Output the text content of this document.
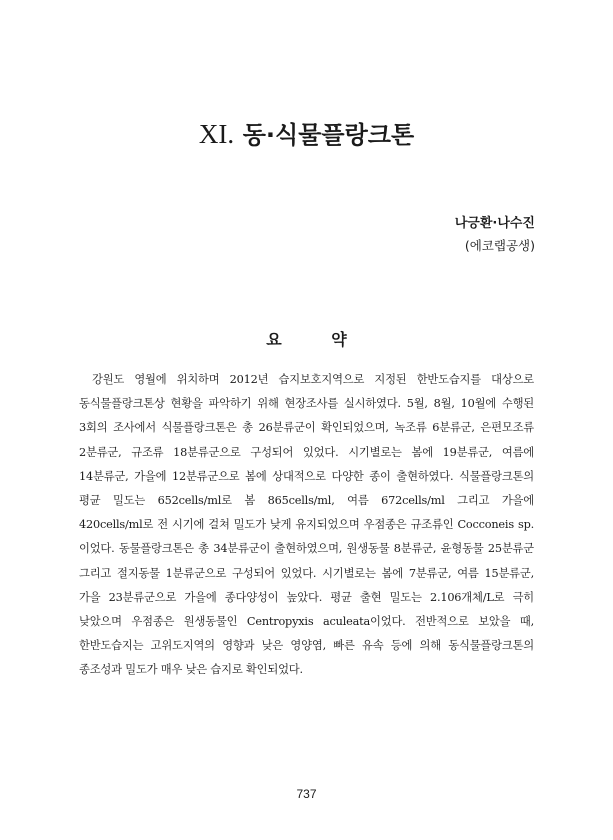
XI. 동·식물플랑크톤
나긍환·나수진
(에코랩공생)
요 약

강원도 영월에 위치하며 2012년 습지보호지역으로 지정된 한반도습지를 대상으로 동식물플랑크톤상 현황을 파악하기 위해 현장조사를 실시하였다. 5월, 8월, 10월에 수행된 3회의 조사에서 식물플랑크톤은 총 26분류군이 확인되었으며, 녹조류 6분류군, 은편모조류 2분류군, 규조류 18분류군으로 구성되어 있었다. 시기별로는 봄에 19분류군, 여름에 14분류군, 가을에 12분류군으로 봄에 상대적으로 다양한 종이 출현하였다. 식물플랑크톤의 평균 밀도는 652cells/ml로 봄 865cells/ml, 여름 672cells/ml 그리고 가을에 420cells/ml로 전 시기에 걸쳐 밀도가 낮게 유지되었으며 우점종은 규조류인 Cocconeis sp.이었다. 동물플랑크톤은 총 34분류군이 출현하였으며, 원생동물 8분류군, 윤형동물 25분류군 그리고 절지동물 1분류군으로 구성되어 있었다. 시기별로는 봄에 7분류군, 여름 15분류군, 가을 23분류군으로 가을에 종다양성이 높았다. 평균 출현 밀도는 2.106개체/L로 극히 낮았으며 우점종은 원생동물인 Centropyxis aculeata이었다. 전반적으로 보았을 때, 한반도습지는 고위도지역의 영향과 낮은 영양염, 빠른 유속 등에 의해 동식물플랑크톤의 종조성과 밀도가 매우 낮은 습지로 확인되었다.

737
